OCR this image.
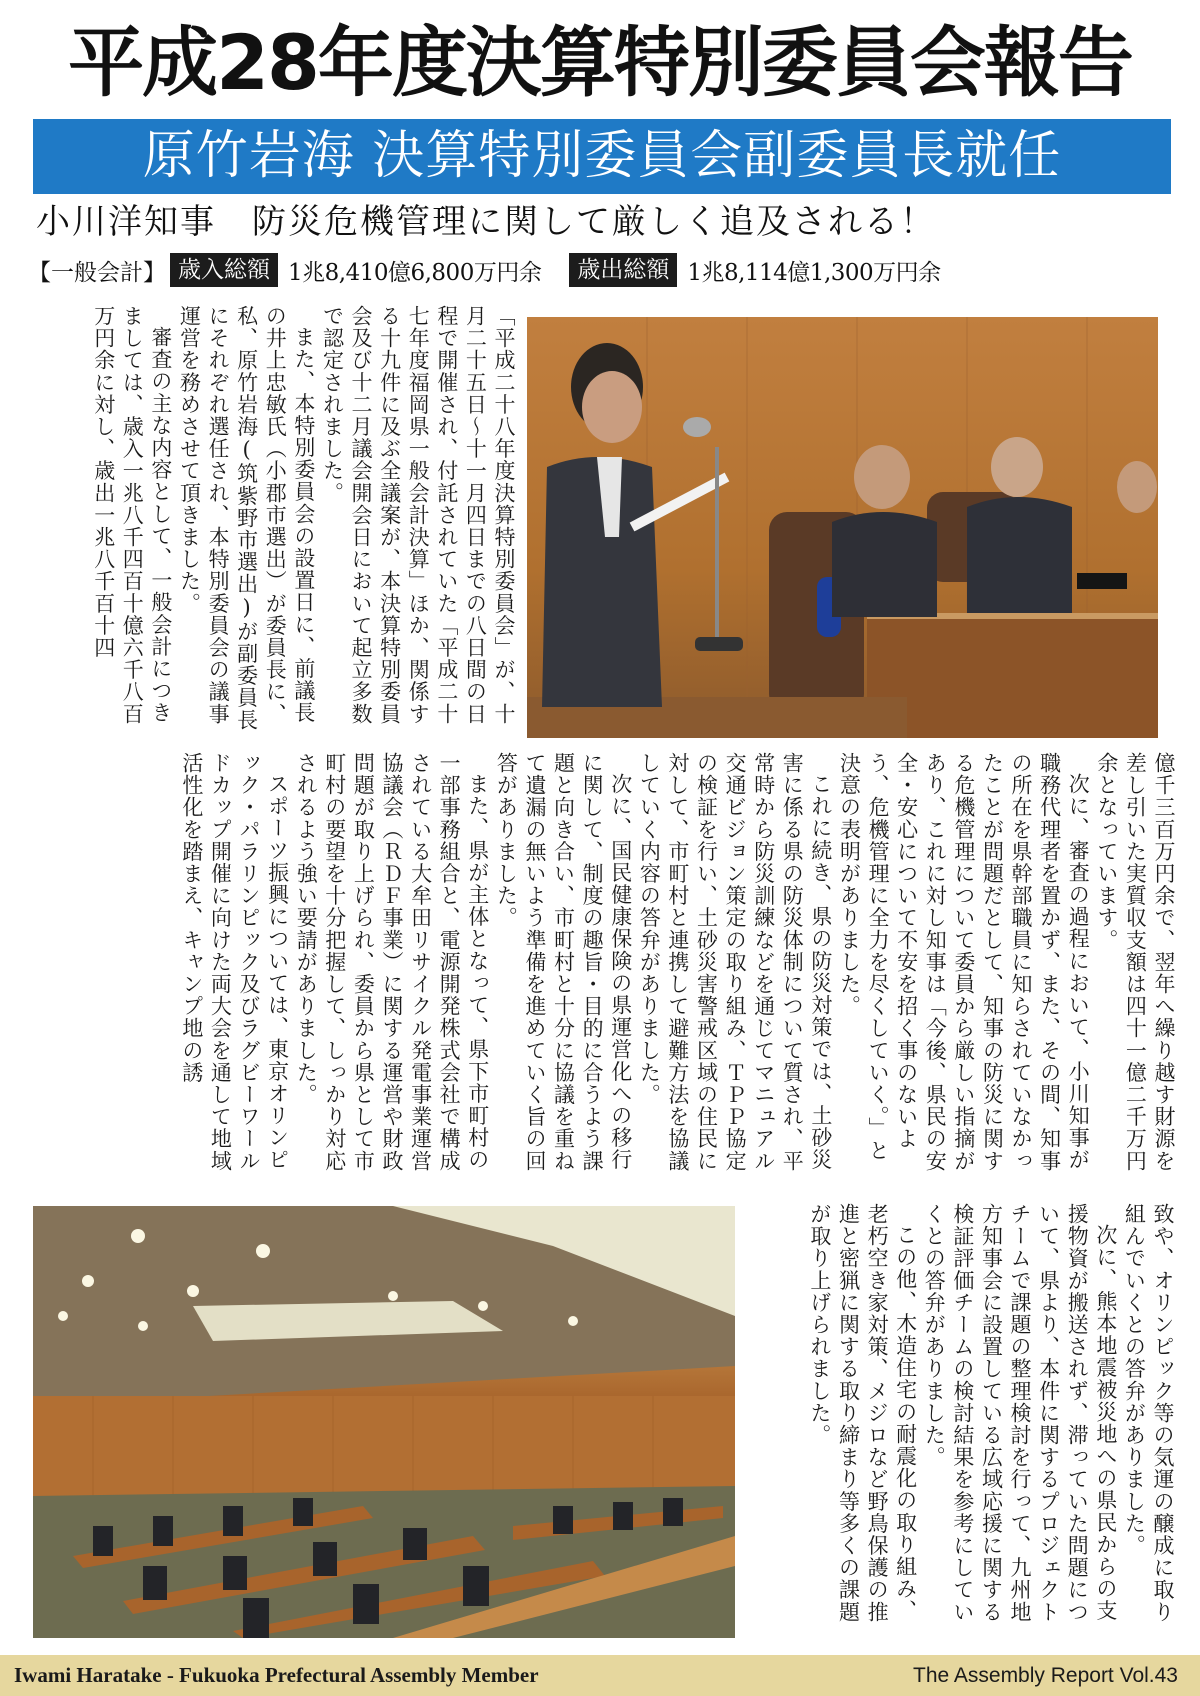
平成28年度決算特別委員会報告
原竹岩海 決算特別委員会副委員長就任
小川洋知事　防災危機管理に関して厳しく追及される！
【一般会計】 歳入総額 1兆8,410億6,800万円余	歳出総額 1兆8,114億1,300万円余

「平成二十八年度決算特別委員会」が、十月二十五日～十一月四日までの八日間の日程で開催され、付託されていた「平成二十七年度福岡県一般会計決算」ほか、関係する十九件に及ぶ全議案が、本決算特別委員会及び十二月議会開会日において起立多数で認定されました。

また、本特別委員会の設置日に、前議長の井上忠敏氏（小郡市選出）が委員長に、私、原竹岩海(筑紫野市選出)が副委員長にそれぞれ選任され、本特別委員会の議事運営を務めさせて頂きました。

審査の主な内容として、一般会計につきましては、歳入一兆八千四百十億六千八百万円余に対し、歳出一兆八千百十四

億千三百万円余で、翌年へ繰り越す財源を差し引いた実質収支額は四十一億二千万円余となっています。

次に、審査の過程において、小川知事が職務代理者を置かず、また、その間、知事の所在を県幹部職員に知らされていなかったことが問題だとして、知事の防災に関する危機管理について委員から厳しい指摘があり、これに対し知事は「今後、県民の安全・安心について不安を招く事のないよう、危機管理に全力を尽くしていく。」と決意の表明がありました。

これに続き、県の防災対策では、土砂災害に係る県の防災体制について質され、平常時から防災訓練などを通じてマニュアル交通ビジョン策定の取り組み、ＴＰＰ協定の検証を行い、土砂災害警戒区域の住民に対して、市町村と連携して避難方法を協議していく内容の答弁がありました。

次に、国民健康保険の県運営化への移行に関して、制度の趣旨・目的に合うよう課題と向き合い、市町村と十分に協議を重ねて遺漏の無いよう準備を進めていく旨の回答がありました。

また、県が主体となって、県下市町村の一部事務組合と、電源開発株式会社で構成されている大牟田リサイクル発電事業運営協議会（ＲＤＦ事業）に関する運営や財政問題が取り上げられ、委員から県として市町村の要望を十分把握して、しっかり対応されるよう強い要請がありました。

スポーツ振興については、東京オリンピック・パラリンピック及びラグビーワールドカップ開催に向けた両大会を通して地域活性化を踏まえ、キャンプ地の誘

致や、オリンピック等の気運の醸成に取り組んでいくとの答弁がありました。

次に、熊本地震被災地への県民からの支援物資が搬送されず、滞っていた問題について、県より、本件に関するプロジェクトチームで課題の整理検討を行って、九州地方知事会に設置している広域応援に関する検証評価チームの検討結果を参考にしていくとの答弁がありました。

この他、木造住宅の耐震化の取り組み、老朽空き家対策、メジロなど野鳥保護の推進と密猟に関する取り締まり等多くの課題が取り上げられました。

Iwami Haratake - Fukuoka Prefectural Assembly Member	The Assembly Report Vol.43
